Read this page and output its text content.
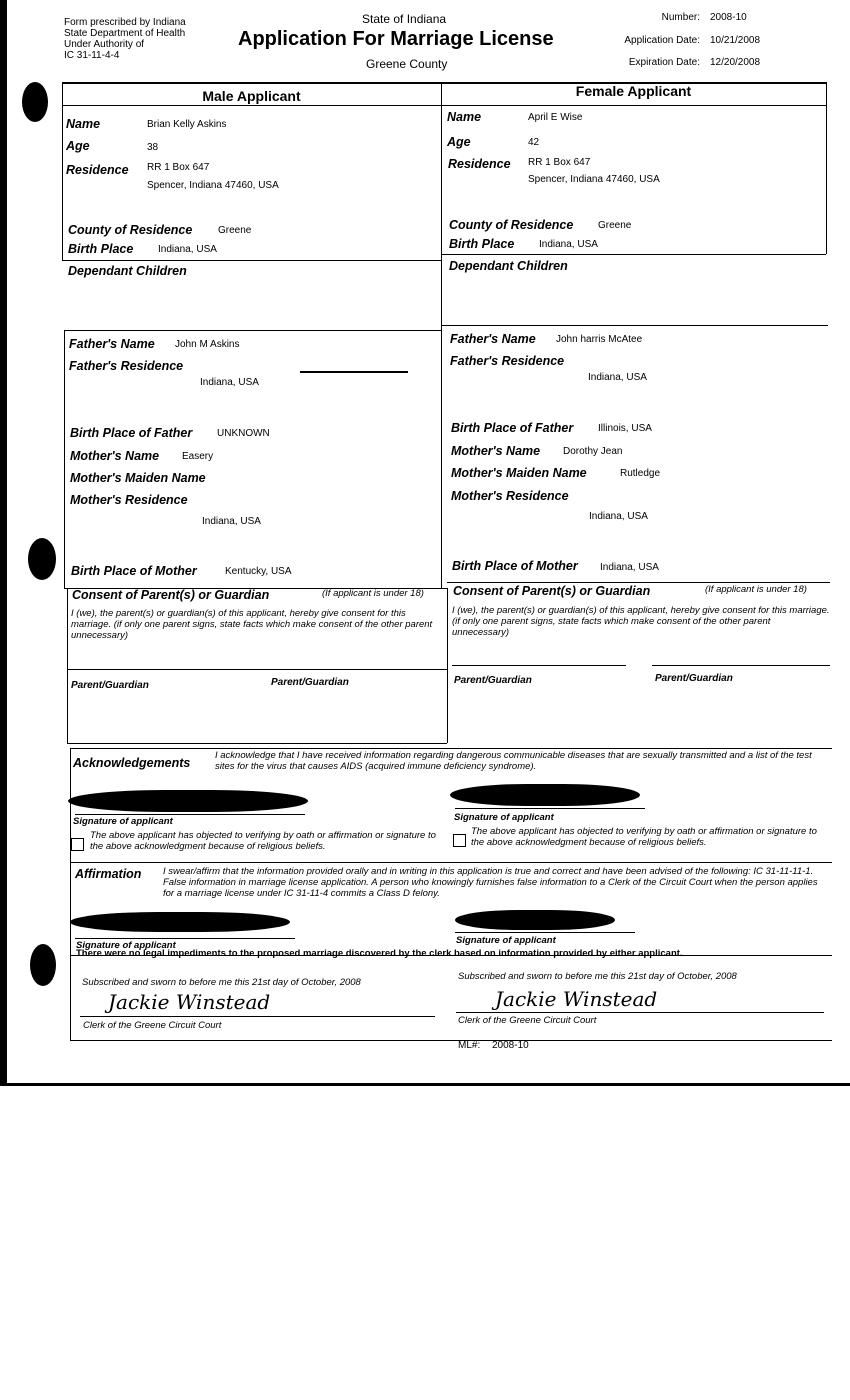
Form prescribed by Indiana
State Department of Health
Under Authority of
IC 31-11-4-4
State of Indiana
Application For Marriage License
Greene County
Number: 2008-10
Application Date: 10/21/2008
Expiration Date: 12/20/2008
Male Applicant	Female Applicant
Name	Brian Kelly Askins
Age	38
Residence RR 1 Box 647
Spencer, Indiana 47460, USA
County of Residence	Greene
Birth Place Indiana, USA
Dependant Children
Father's Name John M Askins
Father's Residence
Indiana, USA
Birth Place of Father UNKNOWN
Mother's Name Easery
Mother's Maiden Name
Mother's Residence
Indiana, USA
Birth Place of Mother	Kentucky, USA
Name	April E Wise
Age	42
Residence RR 1 Box 647
Spencer, Indiana 47460, USA
County of Residence Greene
Birth Place Indiana, USA
Dependant Children
Father's Name John harris McAtee
Father's Residence
Indiana, USA
Birth Place of Father Illinois, USA
Mother's Name Dorothy Jean
Mother's Maiden Name	Rutledge
Mother's Residence
Indiana, USA
Birth Place of Mother Indiana, USA
Consent of Parent(s) or Guardian	(If applicant is under 18)
I (we), the parent(s) or guardian(s) of this applicant, hereby give consent for this marriage. (if only one parent signs, state facts which make consent of the other parent unnecessary)
Parent/Guardian	Parent/Guardian
Consent of Parent(s) or Guardian	(If applicant is under 18)
I (we), the parent(s) or guardian(s) of this applicant, hereby give consent for this marriage. (if only one parent signs, state facts which make consent of the other parent unnecessary)
Parent/Guardian	Parent/Guardian
Acknowledgements
I acknowledge that I have received information regarding dangerous communicable diseases that are sexually transmitted and a list of the test sites for the virus that causes AIDS (acquired immune deficiency syndrome).
Signature of applicant
The above applicant has objected to verifying by oath or affirmation or signature to the above acknowledgment because of religious beliefs.
Signature of applicant
The above applicant has objected to verifying by oath or affirmation or signature to the above acknowledgment because of religious beliefs.
Affirmation I swear/affirm that the information provided orally and in writing in this application is true and correct and have been advised of the following: IC 31-11-11-1. False information in marriage license application. A person who knowingly furnishes false information to a Clerk of the Circuit Court when the person applies for a marriage license under IC 31-11-4 commits a Class D felony.
Signature of applicant	Signature of applicant
There were no legal impediments to the proposed marriage discovered by the clerk based on information provided by either applicant.
Subscribed and sworn to before me this 21st day of October, 2008
Subscribed and sworn to before me this 21st day of October, 2008
Jackie Winstead
Clerk of the Greene Circuit Court
Jackie Winstead
Clerk of the Greene Circuit Court
ML#: 2008-10
